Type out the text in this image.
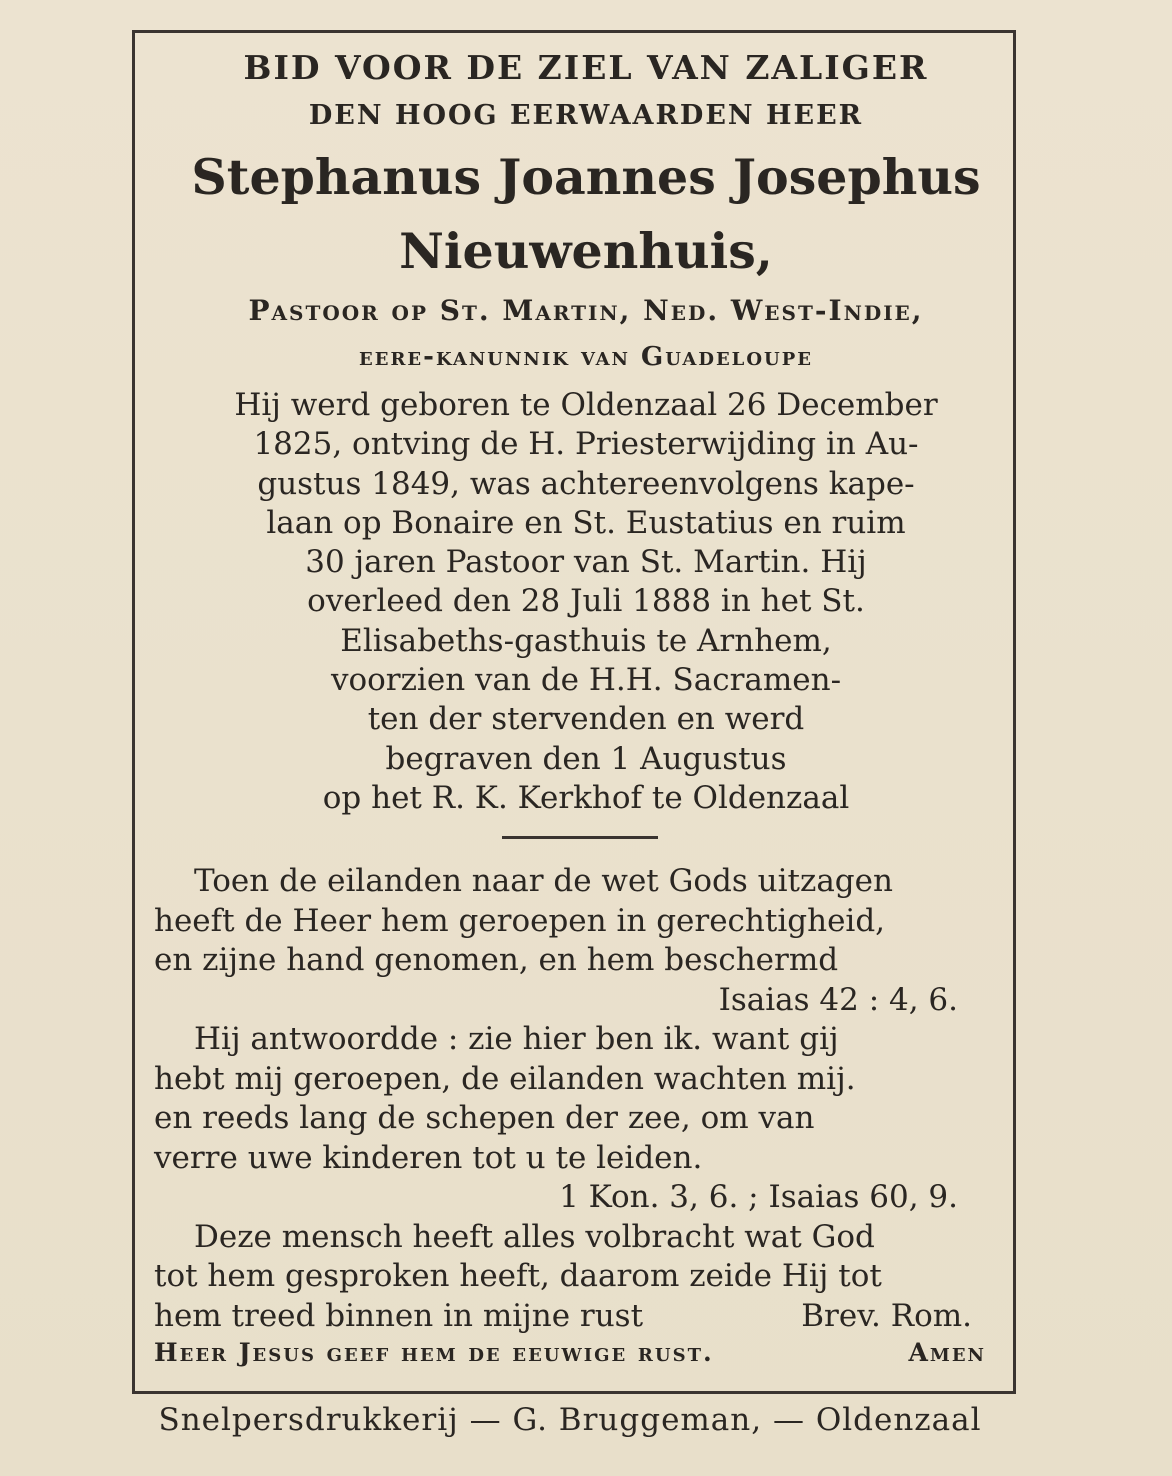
BID VOOR DE ZIEL VAN ZALIGER
DEN HOOG EERWAARDEN HEER
Stephanus Joannes Josephus
Nieuwenhuis,
Pastoor op St. Martin, Ned. West-Indie,
eere-kanunnik van Guadeloupe
Hij werd geboren te Oldenzaal 26 December
1825, ontving de H. Priesterwijding in Au-
gustus 1849, was achtereenvolgens kape-
laan op Bonaire en St. Eustatius en ruim
30 jaren Pastoor van St. Martin. Hij
overleed den 28 Juli 1888 in het St.
Elisabeths-gasthuis te Arnhem,
voorzien van de H.H. Sacramen-
ten der stervenden en werd
begraven den 1 Augustus
op het R. K. Kerkhof te Oldenzaal
Toen de eilanden naar de wet Gods uitzagen
heeft de Heer hem geroepen in gerechtigheid,
en zijne hand genomen, en hem beschermd
Isaias 42 : 4, 6.
Hij antwoordde : zie hier ben ik. want gij
hebt mij geroepen, de eilanden wachten mij.
en reeds lang de schepen der zee, om van
verre uwe kinderen tot u te leiden.
1 Kon. 3, 6. ; Isaias 60, 9.
Deze mensch heeft alles volbracht wat God
tot hem gesproken heeft, daarom zeide Hij tot
hem treed binnen in mijne rust	Brev. Rom.
Heer Jesus geef hem de eeuwige rust.	Amen
Snelpersdrukkerij — G. Bruggeman, — Oldenzaal
